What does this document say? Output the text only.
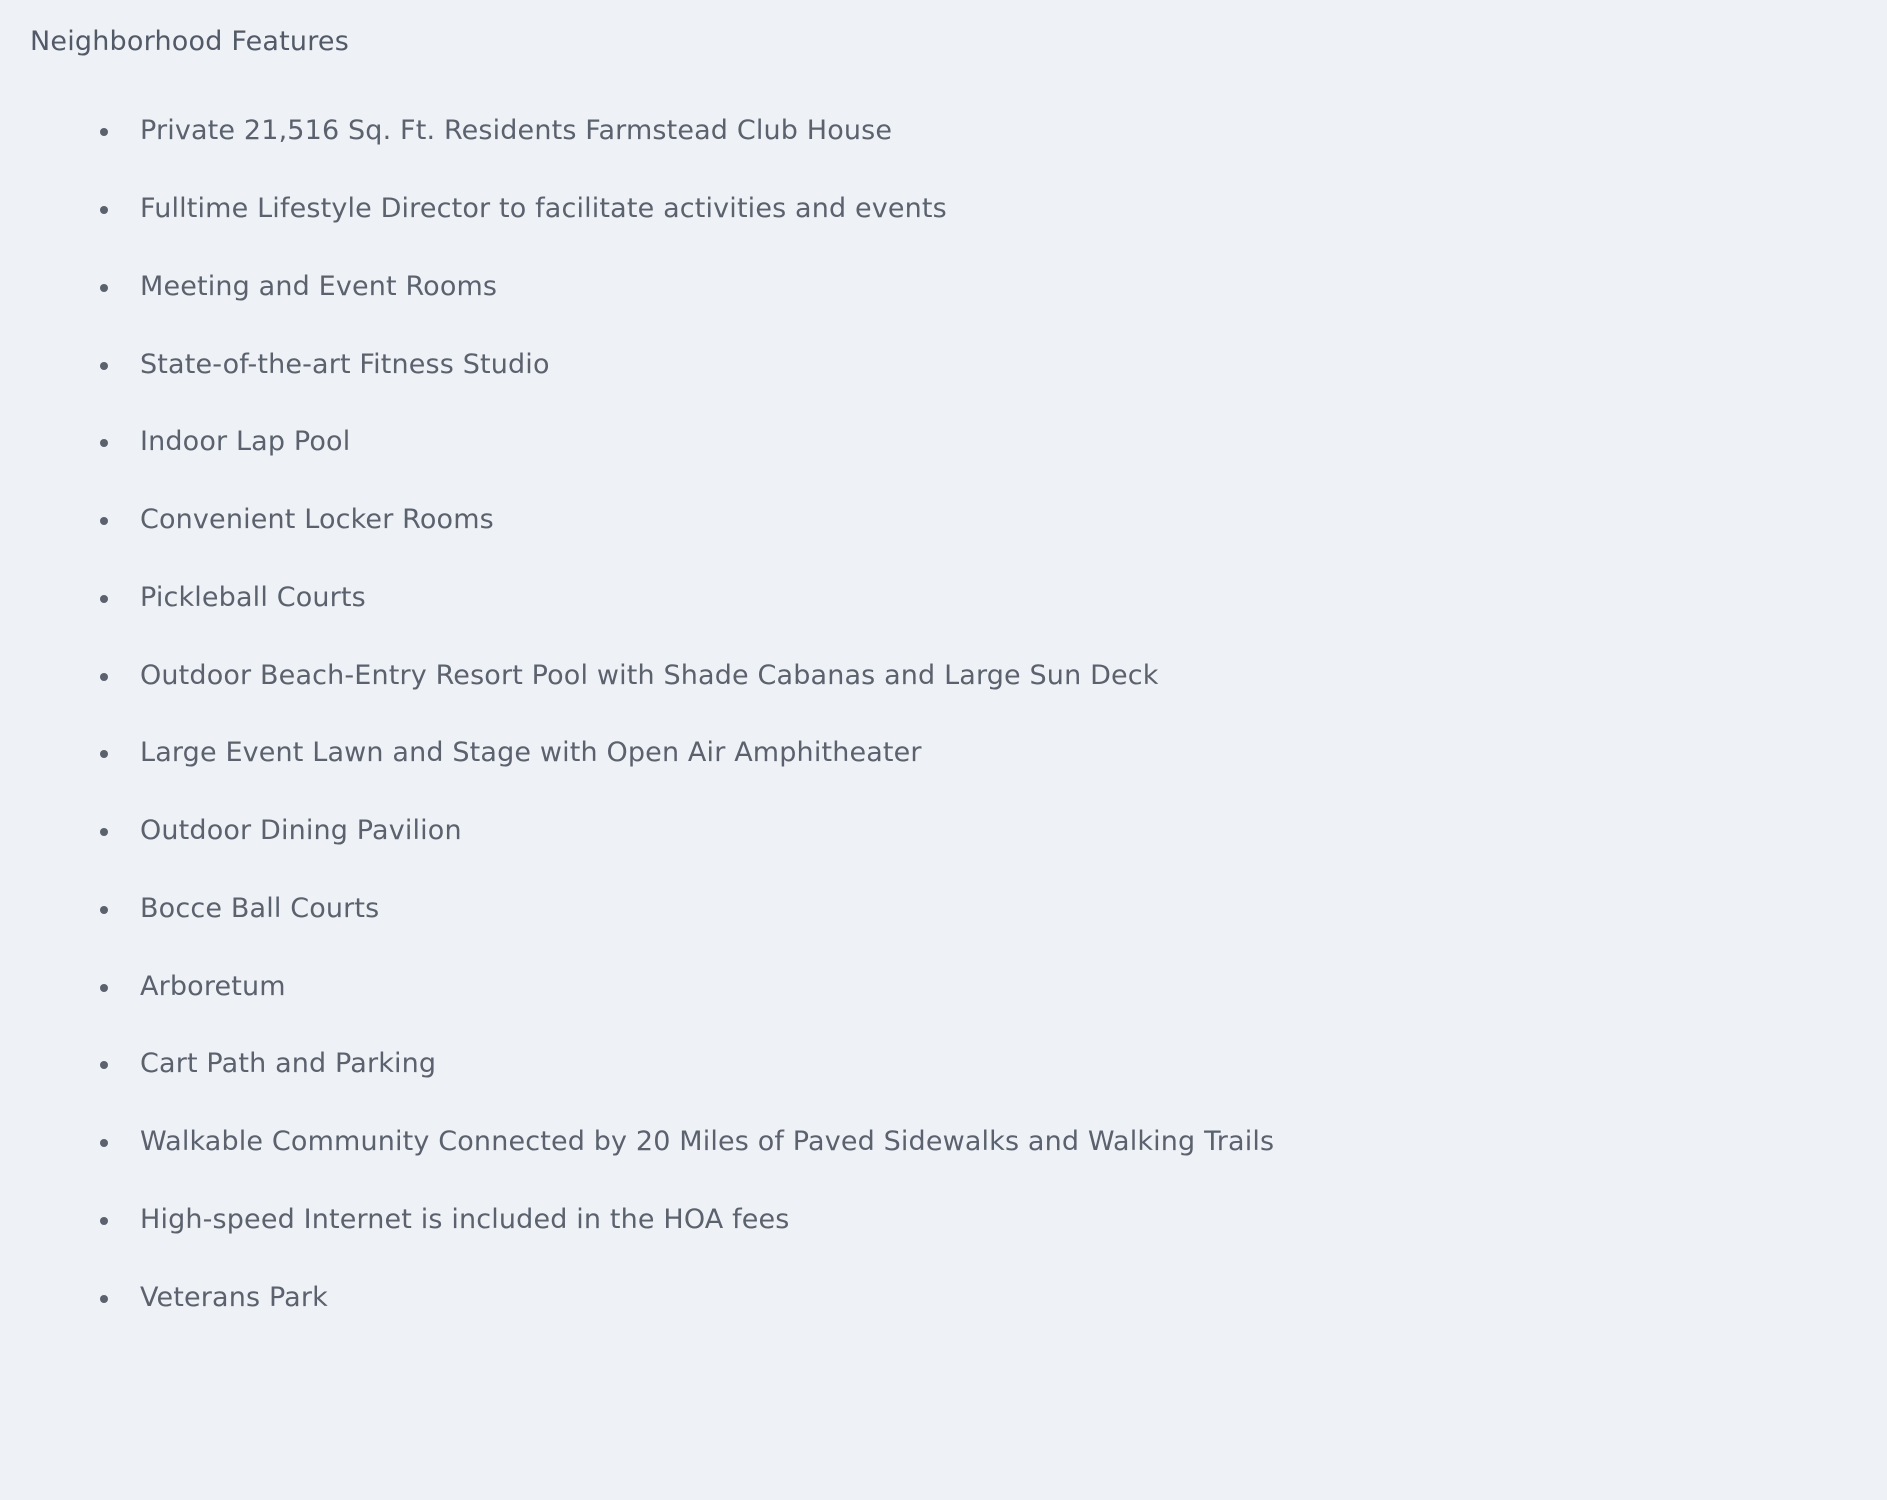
Neighborhood Features
Private 21,516 Sq. Ft. Residents Farmstead Club House
Fulltime Lifestyle Director to facilitate activities and events
Meeting and Event Rooms
State-of-the-art Fitness Studio
Indoor Lap Pool
Convenient Locker Rooms
Pickleball Courts
Outdoor Beach-Entry Resort Pool with Shade Cabanas and Large Sun Deck
Large Event Lawn and Stage with Open Air Amphitheater
Outdoor Dining Pavilion
Bocce Ball Courts
Arboretum
Cart Path and Parking
Walkable Community Connected by 20 Miles of Paved Sidewalks and Walking Trails
High-speed Internet is included in the HOA fees
Veterans Park
